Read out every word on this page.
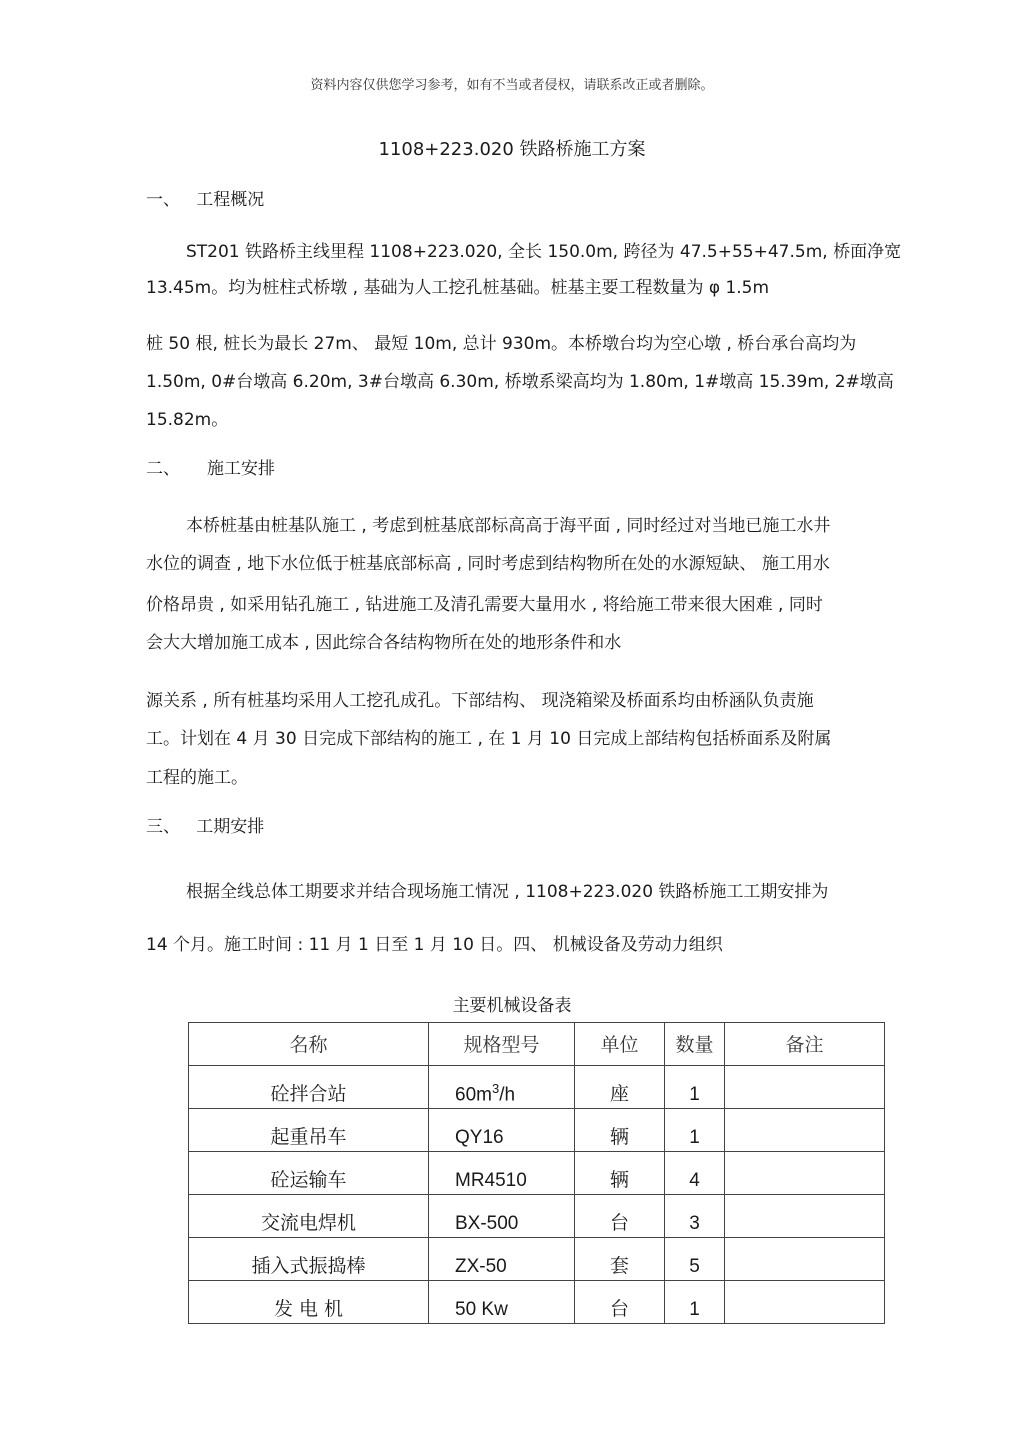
资料内容仅供您学习参考，如有不当或者侵权，请联系改正或者删除。
1108+223.020 铁路桥施工方案
一、   工程概况
ST201 铁路桥主线里程 1108+223.020, 全长 150.0m, 跨径为 47.5+55+47.5m, 桥面净宽
13.45m。均为桩柱式桥墩 , 基础为人工挖孔桩基础。桩基主要工程数量为 φ 1.5m
桩 50 根, 桩长为最长 27m、 最短 10m, 总计 930m。本桥墩台均为空心墩 , 桥台承台高均为
1.50m, 0#台墩高 6.20m, 3#台墩高 6.30m, 桥墩系梁高均为 1.80m, 1#墩高 15.39m, 2#墩高
15.82m。
二、     施工安排
本桥桩基由桩基队施工 , 考虑到桩基底部标高高于海平面 , 同时经过对当地已施工水井
水位的调查 , 地下水位低于桩基底部标高 , 同时考虑到结构物所在处的水源短缺、 施工用水
价格昂贵 , 如采用钻孔施工 , 钻进施工及清孔需要大量用水 , 将给施工带来很大困难 , 同时
会大大增加施工成本 , 因此综合各结构物所在处的地形条件和水
源关系 , 所有桩基均采用人工挖孔成孔。下部结构、 现浇箱梁及桥面系均由桥涵队负责施
工。计划在 4 月 30 日完成下部结构的施工 , 在 1 月 10 日完成上部结构包括桥面系及附属
工程的施工。
三、   工期安排
根据全线总体工期要求并结合现场施工情况 , 1108+223.020 铁路桥施工工期安排为
14 个月。施工时间 : 11 月 1 日至 1 月 10 日。四、 机械设备及劳动力组织
主要机械设备表
名称	规格型号	单位	数量	备注
砼拌合站	$60m^3/h$	座	1	
起重吊车	QY16	辆	1	
砼运输车	MR4510	辆	4	
交流电焊机	BX-500	台	3	
插入式振捣棒	ZX-50	套	5	
发 电 机	50 Kw	台	1	
